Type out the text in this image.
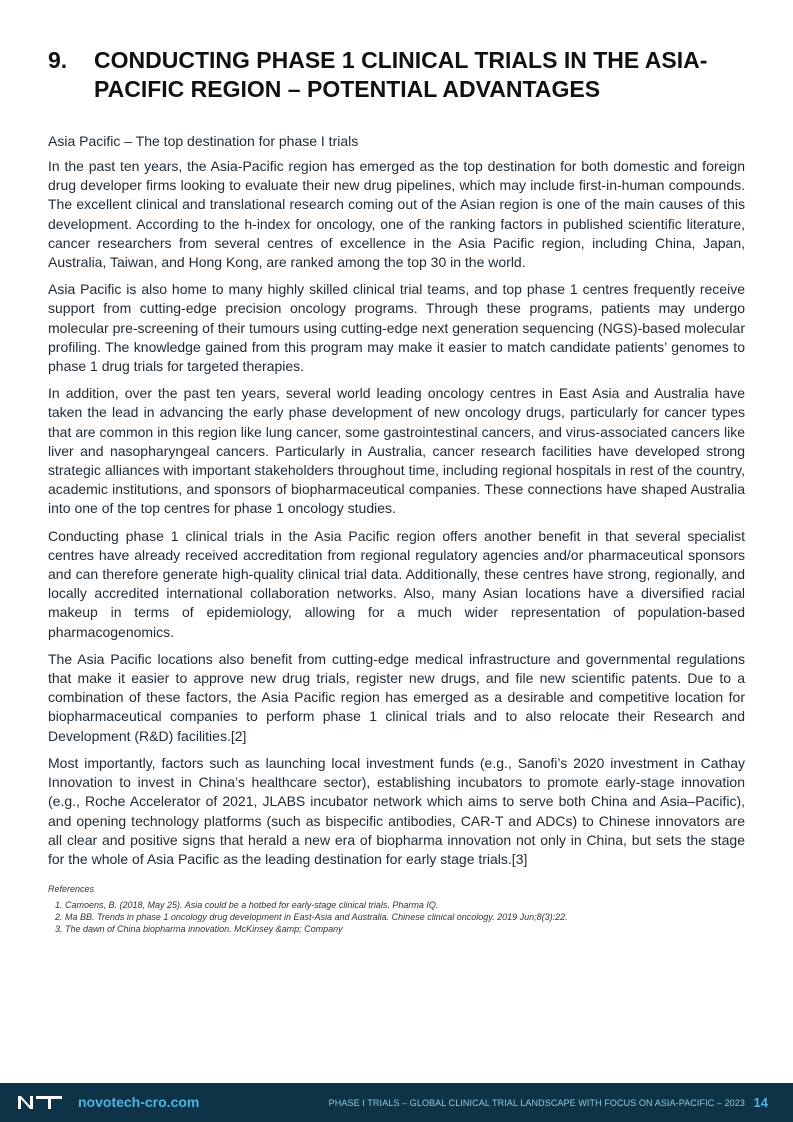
9.	CONDUCTING PHASE 1 CLINICAL TRIALS IN THE ASIA-PACIFIC REGION – POTENTIAL ADVANTAGES

Asia Pacific – The top destination for phase I trials

In the past ten years, the Asia-Pacific region has emerged as the top destination for both domestic and foreign drug developer firms looking to evaluate their new drug pipelines, which may include first-in-human compounds. The excellent clinical and translational research coming out of the Asian region is one of the main causes of this development. According to the h-index for oncology, one of the ranking factors in published scientific literature, cancer researchers from several centres of excellence in the Asia Pacific region, including China, Japan, Australia, Taiwan, and Hong Kong, are ranked among the top 30 in the world.

Asia Pacific is also home to many highly skilled clinical trial teams, and top phase 1 centres frequently receive support from cutting-edge precision oncology programs. Through these programs, patients may undergo molecular pre-screening of their tumours using cutting-edge next generation sequencing (NGS)-based molecular profiling. The knowledge gained from this program may make it easier to match candidate patients’ genomes to phase 1 drug trials for targeted therapies.

In addition, over the past ten years, several world leading oncology centres in East Asia and Australia have taken the lead in advancing the early phase development of new oncology drugs, particularly for cancer types that are common in this region like lung cancer, some gastrointestinal cancers, and virus-associated cancers like liver and nasopharyngeal cancers. Particularly in Australia, cancer research facilities have developed strong strategic alliances with important stakeholders throughout time, including regional hospitals in rest of the country, academic institutions, and sponsors of biopharmaceutical companies. These connections have shaped Australia into one of the top centres for phase 1 oncology studies.

Conducting phase 1 clinical trials in the Asia Pacific region offers another benefit in that several specialist centres have already received accreditation from regional regulatory agencies and/or pharmaceutical sponsors and can therefore generate high-quality clinical trial data. Additionally, these centres have strong, regionally, and locally accredited international collaboration networks. Also, many Asian locations have a diversified racial makeup in terms of epidemiology, allowing for a much wider representation of population-based pharmacogenomics.

The Asia Pacific locations also benefit from cutting-edge medical infrastructure and governmental regulations that make it easier to approve new drug trials, register new drugs, and file new scientific patents. Due to a combination of these factors, the Asia Pacific region has emerged as a desirable and competitive location for biopharmaceutical companies to perform phase 1 clinical trials and to also relocate their Research and Development (R&D) facilities.[2]

Most importantly, factors such as launching local investment funds (e.g., Sanofi’s 2020 investment in Cathay Innovation to invest in China’s healthcare sector), establishing incubators to promote early-stage innovation (e.g., Roche Accelerator of 2021, JLABS incubator network which aims to serve both China and Asia–Pacific), and opening technology platforms (such as bispecific antibodies, CAR-T and ADCs) to Chinese innovators are all clear and positive signs that herald a new era of biopharma innovation not only in China, but sets the stage for the whole of Asia Pacific as the leading destination for early stage trials.[3]

References
1. Camoens, B. (2018, May 25). Asia could be a hotbed for early-stage clinical trials. Pharma IQ.
2. Ma BB. Trends in phase 1 oncology drug development in East-Asia and Australia. Chinese clinical oncology. 2019 Jun;8(3):22.
3. The dawn of China biopharma innovation. McKinsey &amp; Company
novotech-cro.com	PHASE I TRIALS – GLOBAL CLINICAL TRIAL LANDSCAPE WITH FOCUS ON ASIA-PACIFIC – 2023 14
